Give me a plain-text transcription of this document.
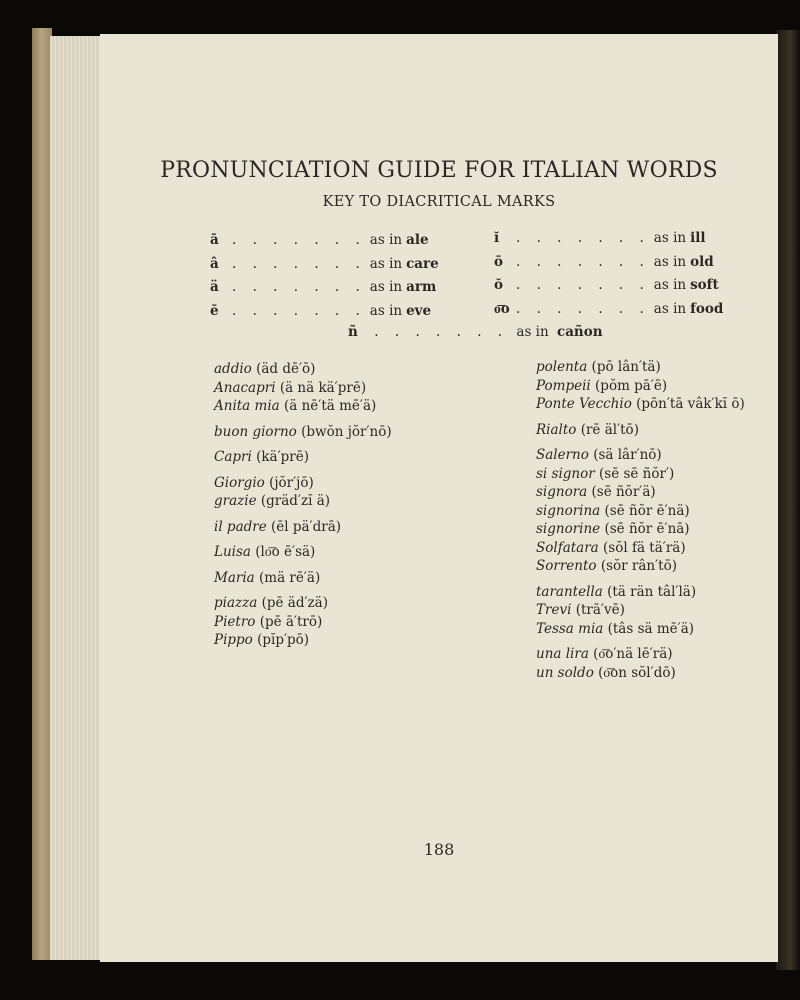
PRONUNCIATION GUIDE FOR ITALIAN WORDS
KEY TO DIACRITICAL MARKS
ā . . . . . . . as in ale
â . . . . . . . as in care
ä . . . . . . . as in arm
ē . . . . . . . as in eve
ĭ . . . . . . . as in ill
ō . . . . . . . as in old
ŏ . . . . . . . as in soft
o͞o . . . . . . . as in food
ñ . . . . . . . as in cañon
addio (äd dē′ō)
Anacapri (ä nä kä′prē)
Anita mia (ä nē′tä mē′ä)
buon giorno (bwŏn jŏr′nō)
Capri (kä′prē)
Giorgio (jŏr′jō)
grazie (gräd′zĭ ä)
il padre (ēl pä′drā)
Luisa (lo͞o ē′sä)
Maria (mä rē′ä)
piazza (pē äd′zä)
Pietro (pē ā′trō)
Pippo (pĭp′pō)
polenta (pō lân′tä)
Pompeii (pŏm pā′ē)
Ponte Vecchio (pōn′tā vâk′kĭ ō)
Rialto (rē äl′tō)
Salerno (sä lâr′nō)
si signor (sē sē ñŏr′)
signora (sē ñŏr′ä)
signorina (sē ñŏr ē′nä)
signorine (sē ñŏr ē′nā)
Solfatara (sŏl fä tä′rä)
Sorrento (sŏr rân′tō)
tarantella (tä rän tâl′lä)
Trevi (trā′vē)
Tessa mia (tâs sä mē′ä)
una lira (o͞o′nä lē′rä)
un soldo (o͞on sŏl′dō)
188
